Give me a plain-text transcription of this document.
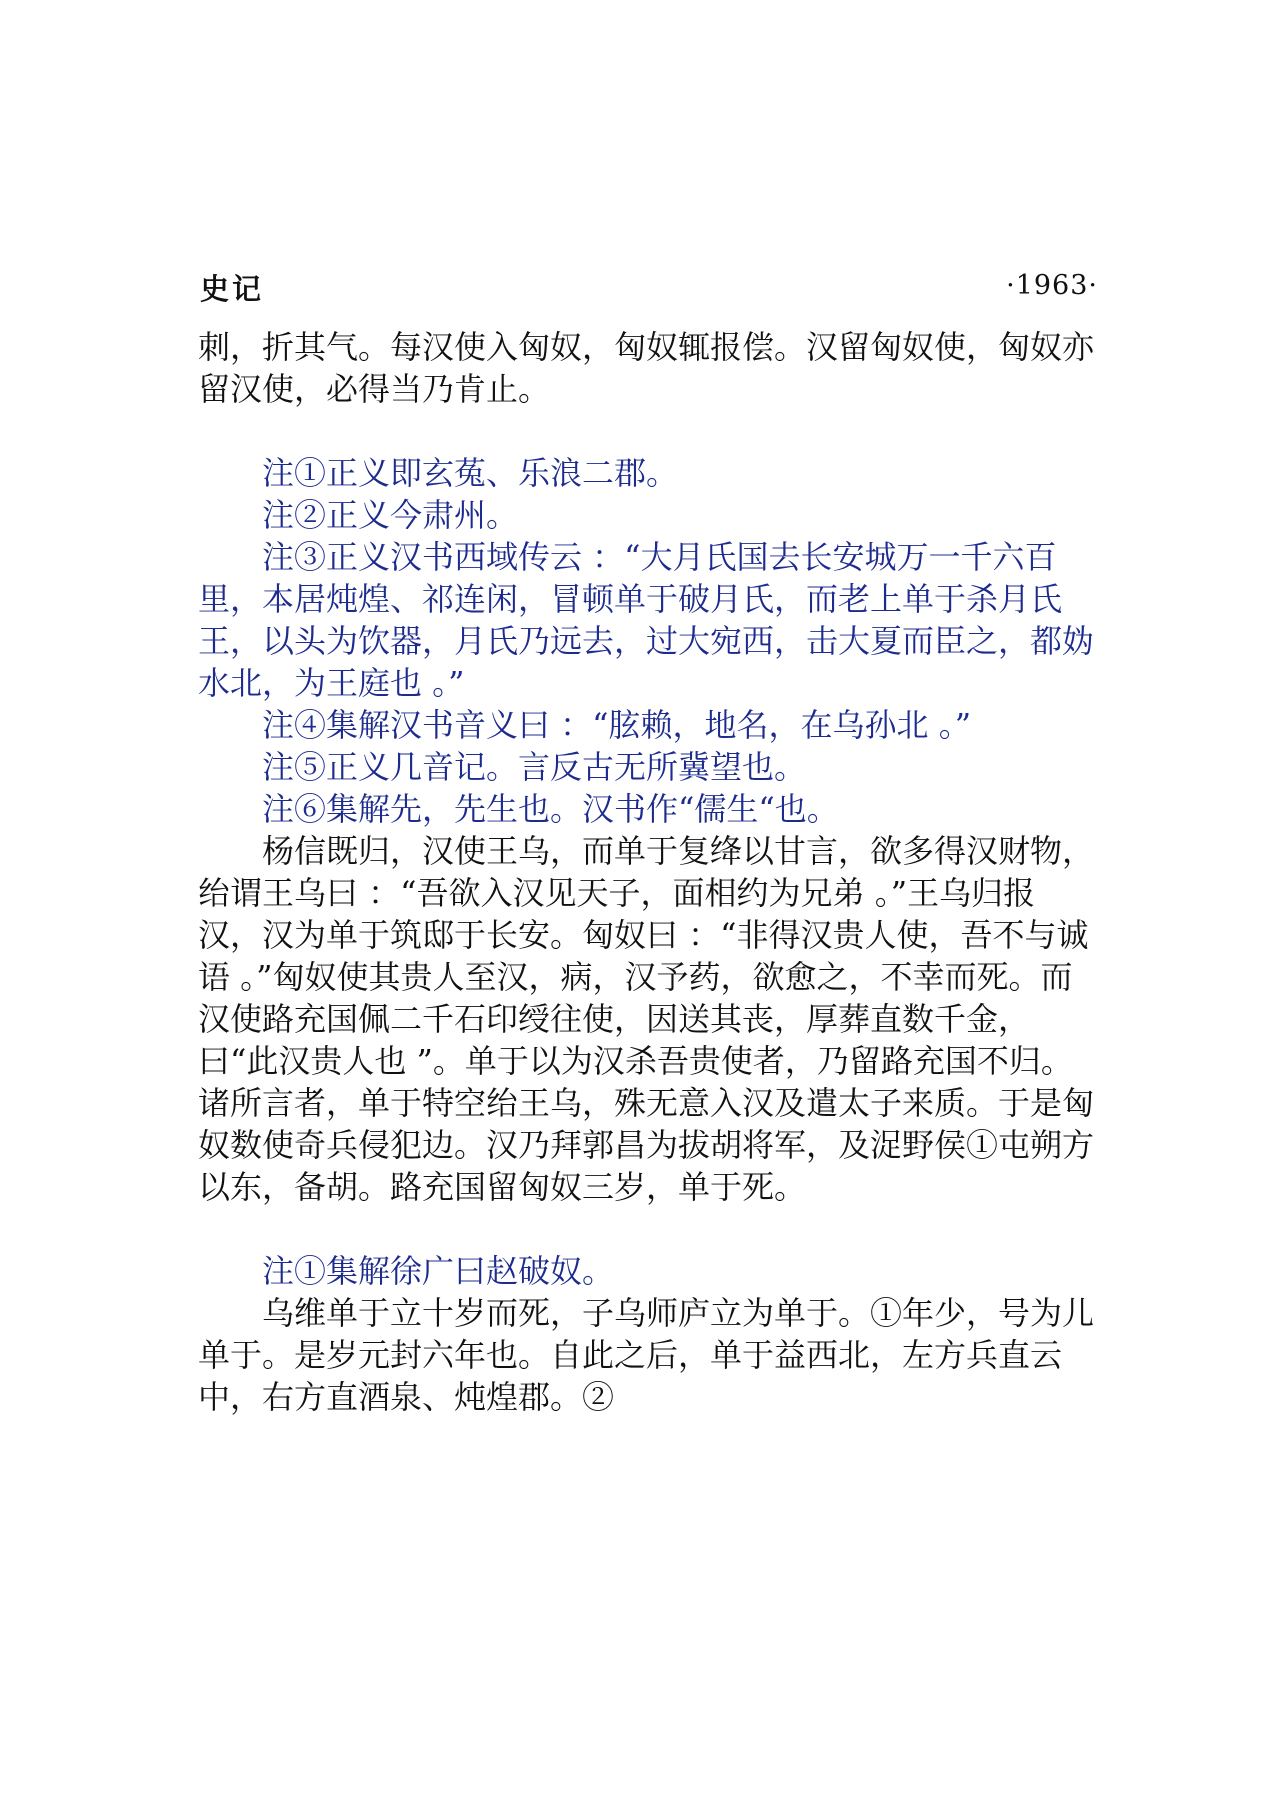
史记	·1963·

刺，折其气。每汉使入匈奴，匈奴辄报偿。汉留匈奴使，匈奴亦留汉使，必得当乃肯止。

注①正义即玄菟、乐浪二郡。

注②正义今肃州。

注③正义汉书西域传云 ：“大月氏国去长安城万一千六百里，本居炖煌、祁连闲，冒顿单于破月氏，而老上单于杀月氏王，以头为饮器，月氏乃远去，过大宛西，击大夏而臣之，都妫水北，为王庭也 。”

注④集解汉书音义曰 ：“胘赖，地名，在乌孙北 。”

注⑤正义几音记。言反古无所冀望也。

注⑥集解先，先生也。汉书作“儒生“也。

杨信既归，汉使王乌，而单于复绛以甘言，欲多得汉财物，绐谓王乌曰 ：“吾欲入汉见天子，面相约为兄弟 。”王乌归报汉，汉为单于筑邸于长安。匈奴曰 ：“非得汉贵人使，吾不与诚语 。”匈奴使其贵人至汉，病，汉予药，欲愈之，不幸而死。而汉使路充国佩二千石印绶往使，因送其丧，厚葬直数千金，曰“此汉贵人也 ”。单于以为汉杀吾贵使者，乃留路充国不归。诸所言者，单于特空绐王乌，殊无意入汉及遣太子来质。于是匈奴数使奇兵侵犯边。汉乃拜郭昌为拔胡将军，及浞野侯①屯朔方以东，备胡。路充国留匈奴三岁，单于死。

注①集解徐广曰赵破奴。

乌维单于立十岁而死，子乌师庐立为单于。①年少，号为儿单于。是岁元封六年也。自此之后，单于益西北，左方兵直云中，右方直酒泉、炖煌郡。②
